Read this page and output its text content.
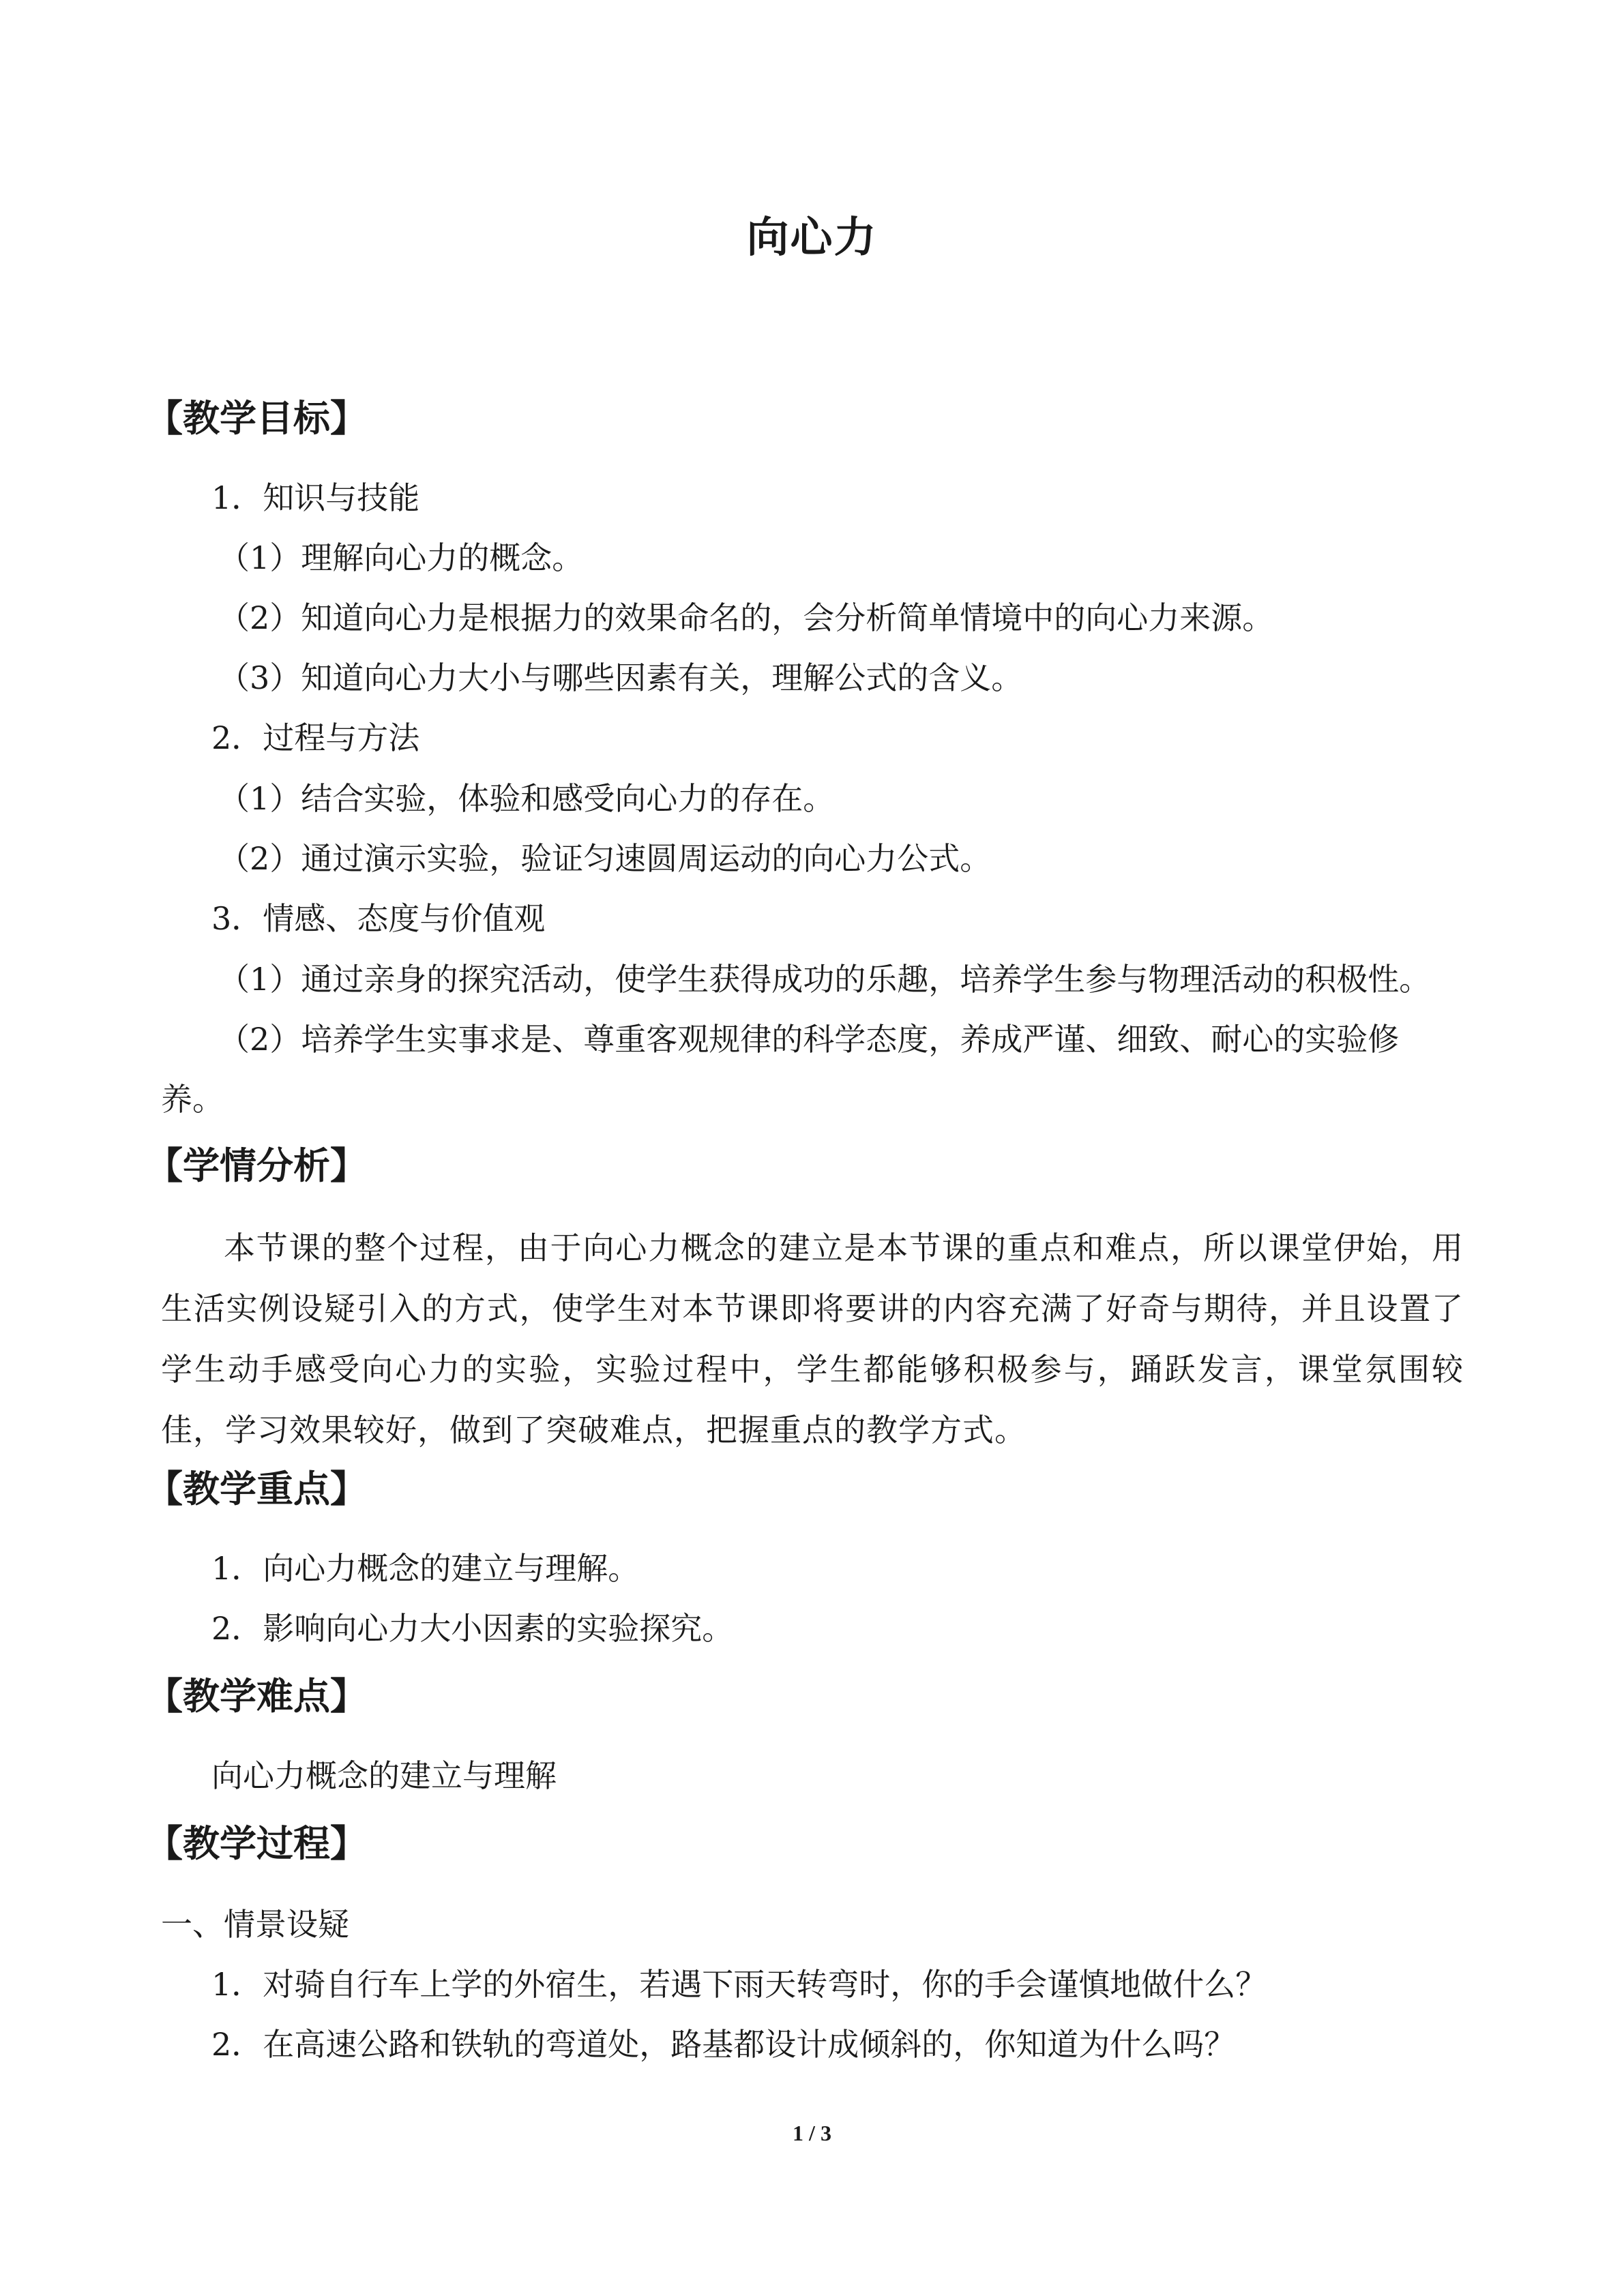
向心力
【教学目标】
1．知识与技能
（1）理解向心力的概念。
（2）知道向心力是根据力的效果命名的，会分析简单情境中的向心力来源。
（3）知道向心力大小与哪些因素有关，理解公式的含义。
2．过程与方法
（1）结合实验，体验和感受向心力的存在。
（2）通过演示实验，验证匀速圆周运动的向心力公式。
3．情感、态度与价值观
（1）通过亲身的探究活动，使学生获得成功的乐趣，培养学生参与物理活动的积极性。
（2）培养学生实事求是、尊重客观规律的科学态度，养成严谨、细致、耐心的实验修
养。
【学情分析】
本节课的整个过程，由于向心力概念的建立是本节课的重点和难点，所以课堂伊始，用生活实例设疑引入的方式，使学生对本节课即将要讲的内容充满了好奇与期待，并且设置了学生动手感受向心力的实验，实验过程中，学生都能够积极参与，踊跃发言，课堂氛围较佳，学习效果较好，做到了突破难点，把握重点的教学方式。
【教学重点】
1．向心力概念的建立与理解。
2．影响向心力大小因素的实验探究。
【教学难点】
向心力概念的建立与理解
【教学过程】
一、情景设疑
1．对骑自行车上学的外宿生，若遇下雨天转弯时，你的手会谨慎地做什么？
2．在高速公路和铁轨的弯道处，路基都设计成倾斜的，你知道为什么吗？
1 / 3
